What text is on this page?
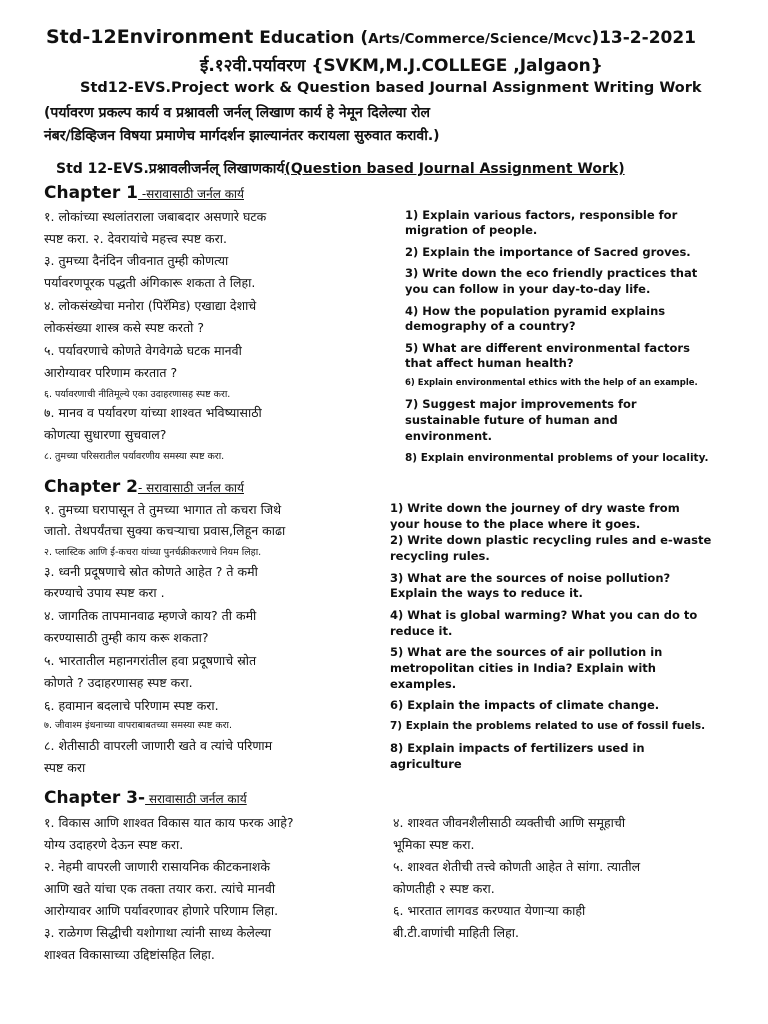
Std-12Environment Education (Arts/Commerce/Science/Mcvc)13-2-2021
ई.१२वी.पर्यावरण {SVKM,M.J.COLLEGE ,Jalgaon}
Std12-EVS.Project work & Question based Journal Assignment Writing Work
(पर्यावरण प्रकल्प कार्य व प्रश्नावली जर्नल् लिखाण कार्य हे नेमून दिलेल्या रोल
नंबर/डिव्हिजन विषया प्रमाणेच मार्गदर्शन झाल्यानंतर करायला सुरुवात करावी.)
Std 12-EVS.प्रश्नावलीजर्नल् लिखाणकार्य(Question based Journal Assignment Work)
Chapter 1 -सरावासाठी जर्नल कार्य
१. लोकांच्या स्थलांतराला जबाबदार असणारे घटक
स्पष्ट करा. २. देवरायांचे महत्त्व स्पष्ट करा.
३. तुमच्या दैनंदिन जीवनात तुम्ही कोणत्या
पर्यावरणपूरक पद्धती अंगिकारू शकता ते लिहा.
४. लोकसंख्येचा मनोरा (पिरॅमिड) एखाद्या देशाचे
लोकसंख्या शास्त्र कसे स्पष्ट करतो ?
५. पर्यावरणाचे कोणते वेगवेगळे घटक मानवी
आरोग्यावर परिणाम करतात ?
६. पर्यावरणाची नीतिमूल्ये एका उदाहरणासह स्पष्ट करा.
७. मानव व पर्यावरण यांच्या शाश्वत भविष्यासाठी
कोणत्या सुधारणा सुचवाल?
८. तुमच्या परिसरातील पर्यावरणीय समस्या स्पष्ट करा.
1) Explain various factors, responsible for
migration of people.
2) Explain the importance of Sacred groves.
3) Write down the eco friendly practices that
you can follow in your day-to-day life.
4) How the population pyramid explains
demography of a country?
5) What are different environmental factors
that affect human health?
6) Explain environmental ethics with the help of an example.
7) Suggest major improvements for
sustainable future of human and
environment.
8) Explain environmental problems of your locality.
Chapter 2- सरावासाठी जर्नल कार्य
१. तुमच्या घरापासून ते तुमच्या भागात तो कचरा जिथे
जातो. तेथपर्यंतचा सुक्या कचऱ्याचा प्रवास,लिहून काढा
२. प्लास्टिक आणि ई-कचरा यांच्या पुनर्चक्रीकरणाचे नियम लिहा.
३. ध्वनी प्रदूषणाचे स्रोत कोणते आहेत ? ते कमी
करण्याचे उपाय स्पष्ट करा .
४. जागतिक तापमानवाढ म्हणजे काय? ती कमी
करण्यासाठी तुम्ही काय करू शकता?
५. भारतातील महानगरांतील हवा प्रदूषणाचे स्रोत
कोणते ? उदाहरणासह स्पष्ट करा.
६. हवामान बदलाचे परिणाम स्पष्ट करा.
७. जीवाश्म इंधनाच्या वापराबाबतच्या समस्या स्पष्ट करा.
८. शेतीसाठी वापरली जाणारी खते व त्यांचे परिणाम
स्पष्ट करा
1) Write down the journey of dry waste from
your house to the place where it goes.
2) Write down plastic recycling rules and e-waste
recycling rules.
3) What are the sources of noise pollution?
Explain the ways to reduce it.
4) What is global warming? What you can do to
reduce it.
5) What are the sources of air pollution in
metropolitan cities in India? Explain with
examples.
6) Explain the impacts of climate change.
7) Explain the problems related to use of fossil fuels.
8) Explain impacts of fertilizers used in
agriculture
Chapter 3- सरावासाठी जर्नल कार्य
१. विकास आणि शाश्वत विकास यात काय फरक आहे?
योग्य उदाहरणे देऊन स्पष्ट करा.
२. नेहमी वापरली जाणारी रासायनिक कीटकनाशके
आणि खते यांचा एक तक्ता तयार करा. त्यांचे मानवी
आरोग्यावर आणि पर्यावरणावर होणारे परिणाम लिहा.
३. राळेगण सिद्धीची यशोगाथा त्यांनी साध्य केलेल्या
शाश्वत विकासाच्या उद्दिष्टांसहित लिहा.
४. शाश्वत जीवनशैलीसाठी व्यक्तीची आणि समूहाची
भूमिका स्पष्ट करा.
५. शाश्वत शेतीची तत्त्वे कोणती आहेत ते सांगा. त्यातील
कोणतीही २ स्पष्ट करा.
६. भारतात लागवड करण्यात येणाऱ्या काही
बी.टी.वाणांची माहिती लिहा.
